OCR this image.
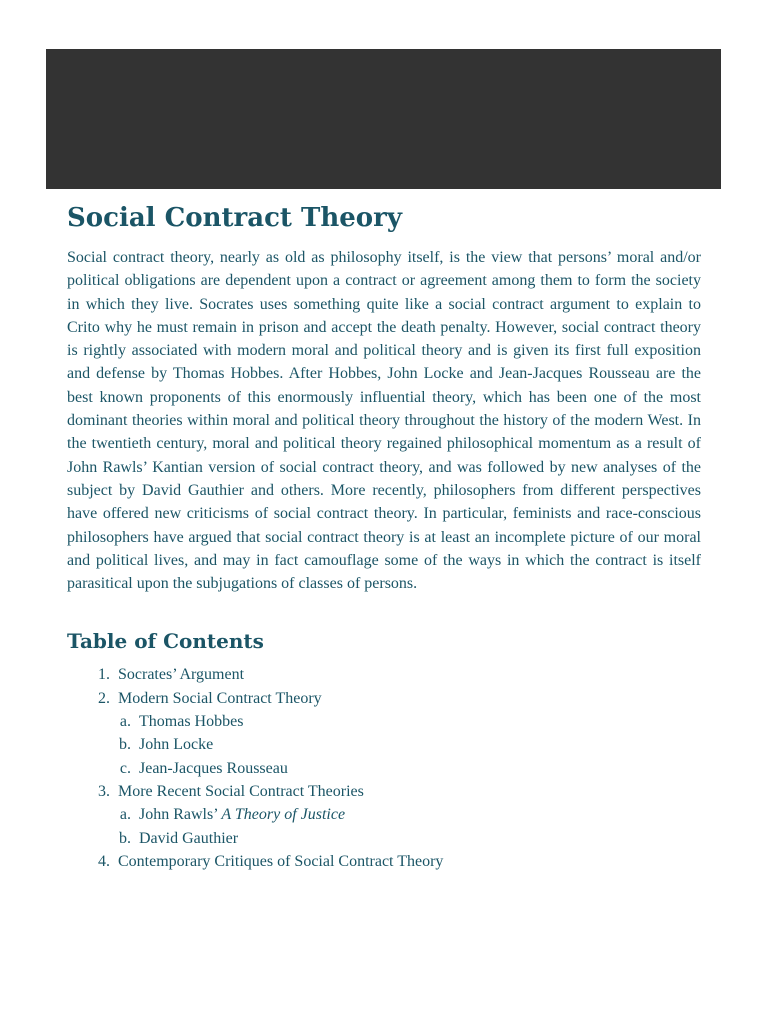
Social Contract Theory

Social contract theory, nearly as old as philosophy itself, is the view that persons’ moral and/or political obligations are dependent upon a contract or agreement among them to form the society in which they live. Socrates uses something quite like a social contract argument to explain to Crito why he must remain in prison and accept the death penalty. However, social contract theory is rightly associated with modern moral and political theory and is given its first full exposition and defense by Thomas Hobbes. After Hobbes, John Locke and Jean-Jacques Rousseau are the best known proponents of this enormously influential theory, which has been one of the most dominant theories within moral and political theory throughout the history of the modern West. In the twentieth century, moral and political theory regained philosophical momentum as a result of John Rawls’ Kantian version of social contract theory, and was followed by new analyses of the subject by David Gauthier and others. More recently, philosophers from different perspectives have offered new criticisms of social contract theory. In particular, feminists and race-conscious philosophers have argued that social contract theory is at least an incomplete picture of our moral and political lives, and may in fact camouflage some of the ways in which the contract is itself parasitical upon the subjugations of classes of persons.

Table of Contents
1. Socrates’ Argument
2. Modern Social Contract Theory
a. Thomas Hobbes
b. John Locke
c. Jean-Jacques Rousseau
3. More Recent Social Contract Theories
a. John Rawls’ A Theory of Justice
b. David Gauthier
4. Contemporary Critiques of Social Contract Theory
